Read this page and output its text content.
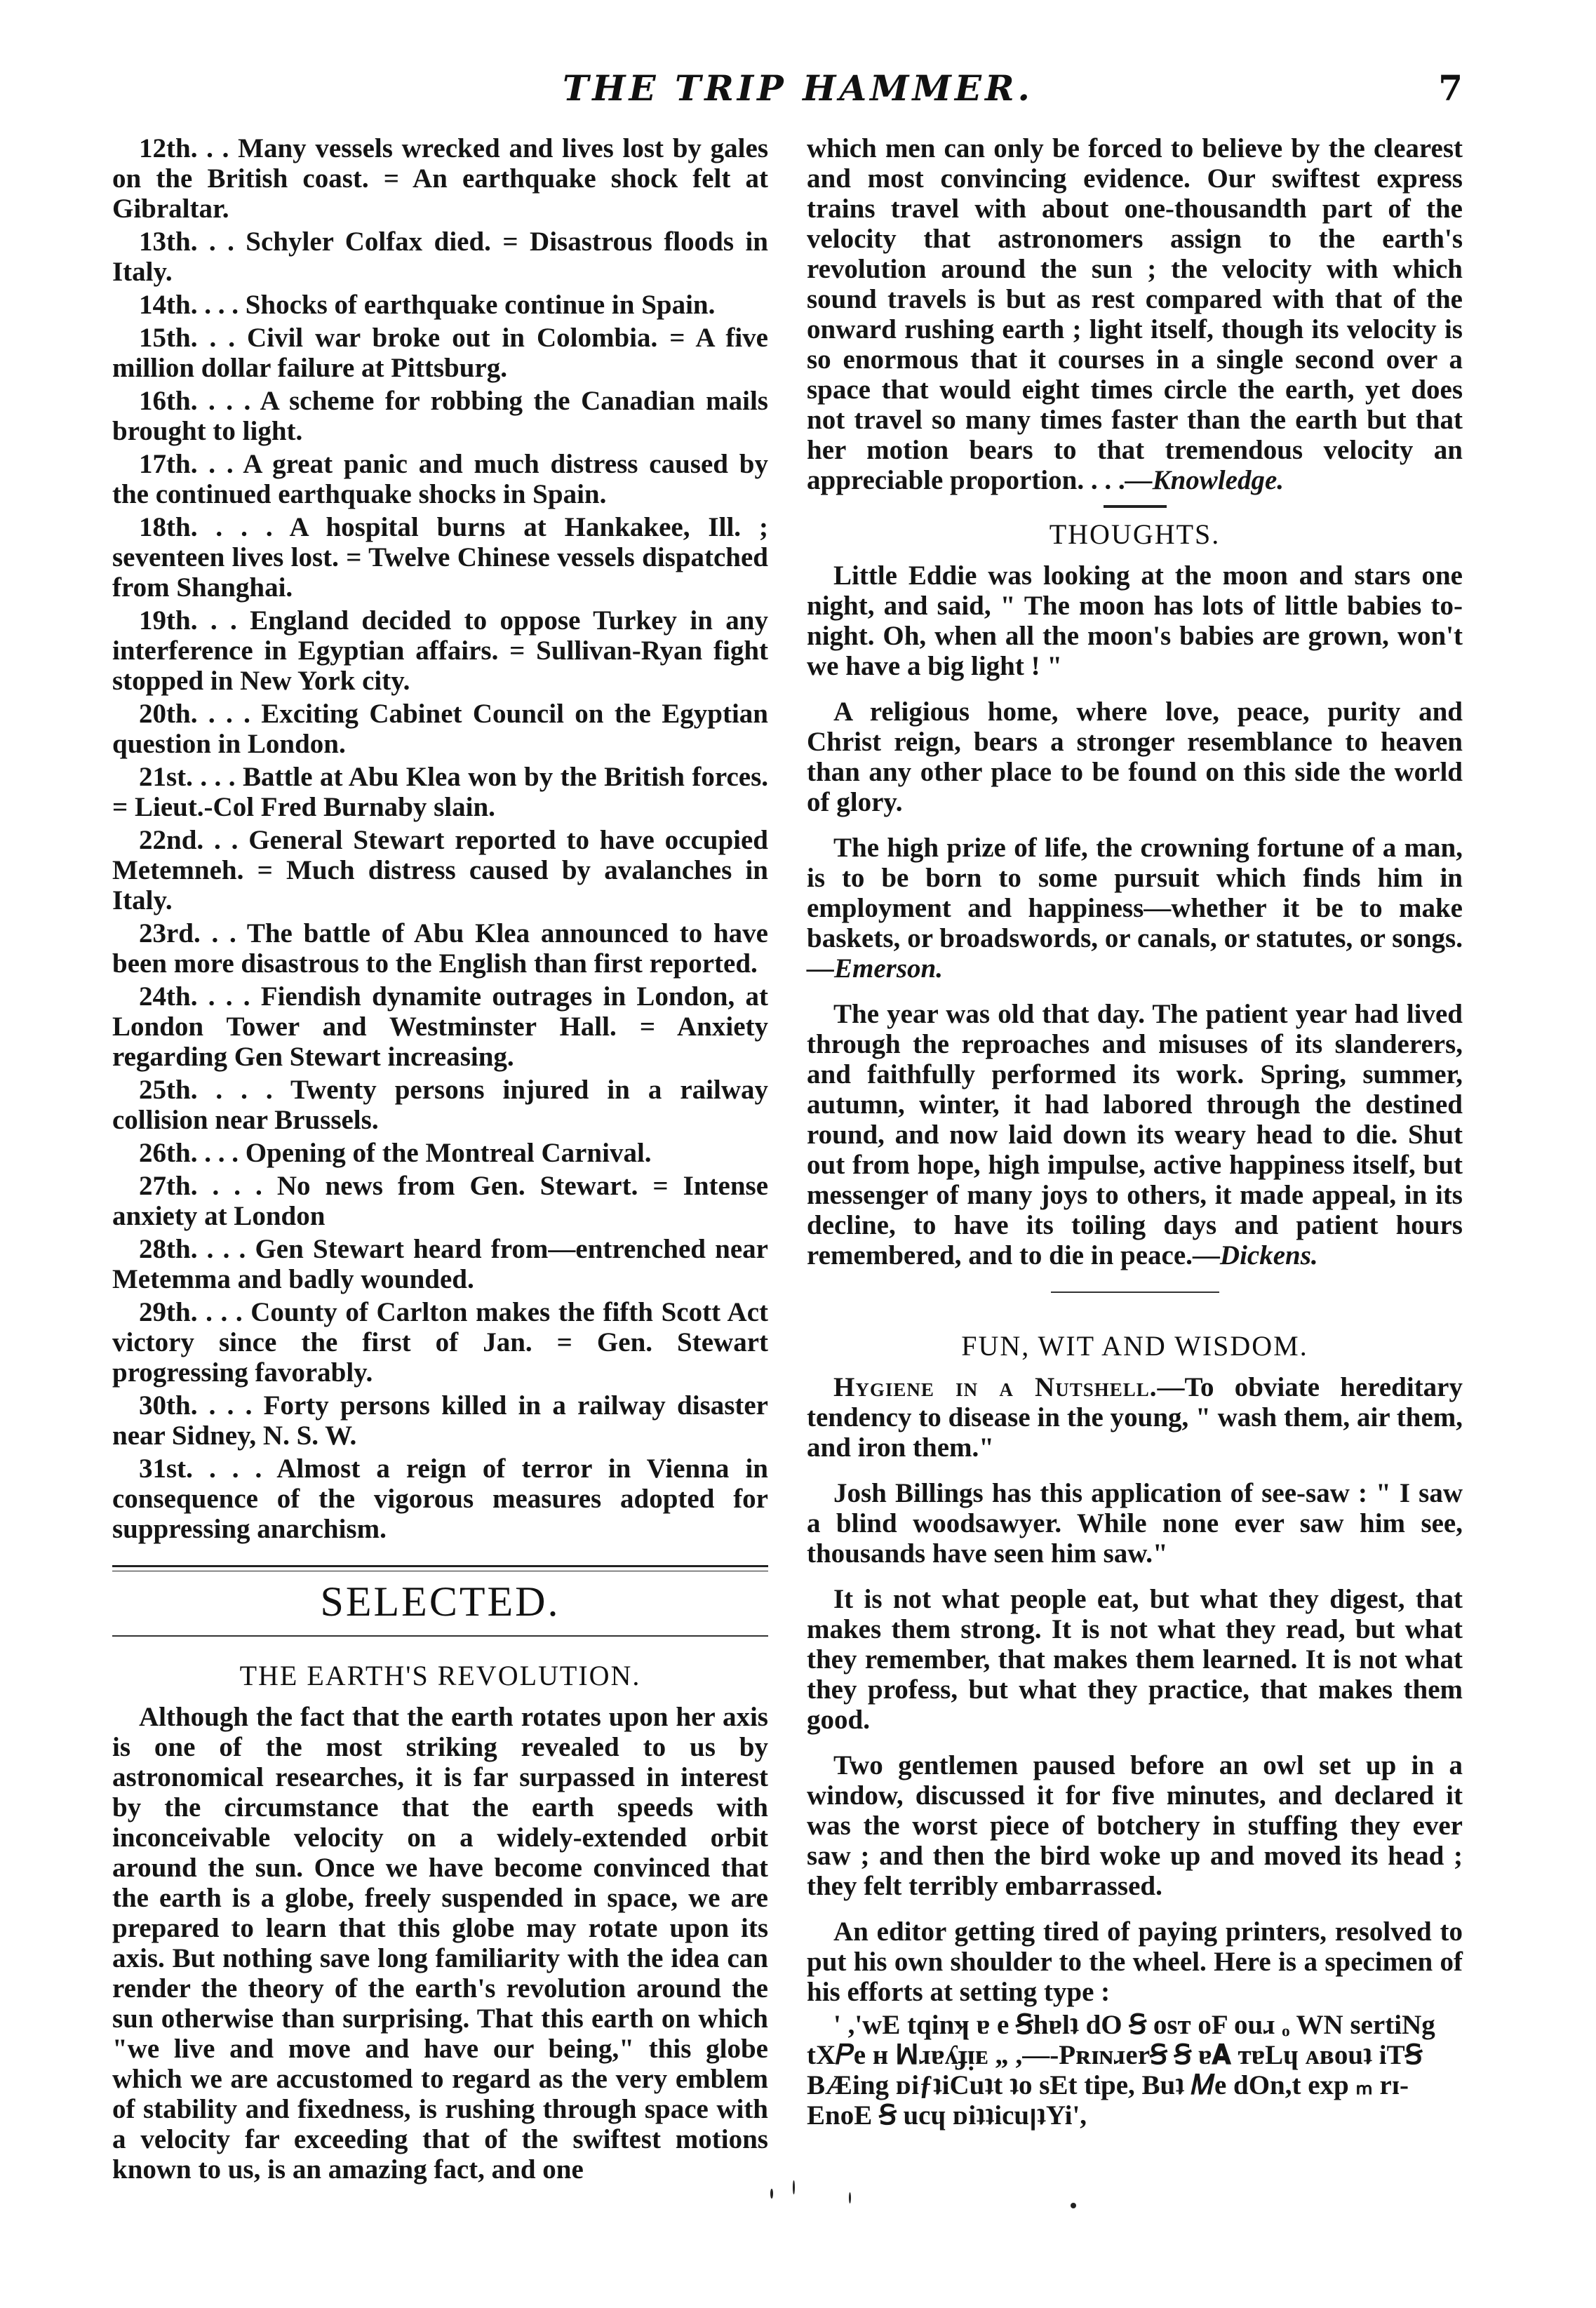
THE TRIP HAMMER.	7

12th. . . Many vessels wrecked and lives lost by gales on the British coast. = An earthquake shock felt at Gibraltar.

13th. . . Schyler Colfax died. = Disastrous floods in Italy.

14th. . . . Shocks of earthquake continue in Spain.

15th. . . Civil war broke out in Colombia. = A five million dollar failure at Pittsburg.

16th. . . . A scheme for robbing the Canadian mails brought to light.

17th. . . A great panic and much distress caused by the continued earthquake shocks in Spain.

18th. . . . A hospital burns at Hankakee, Ill. ; seventeen lives lost. = Twelve Chinese vessels dispatched from Shanghai.

19th. . . England decided to oppose Turkey in any interference in Egyptian affairs. = Sullivan-Ryan fight stopped in New York city.

20th. . . . Exciting Cabinet Council on the Egyptian question in London.

21st. . . . Battle at Abu Klea won by the British forces. = Lieut.-Col Fred Burnaby slain.

22nd. . . General Stewart reported to have occupied Metemneh. = Much distress caused by avalanches in Italy.

23rd. . . The battle of Abu Klea announced to have been more disastrous to the English than first reported.

24th. . . . Fiendish dynamite outrages in London, at London Tower and Westminster Hall. = Anxiety regarding Gen Stewart increasing.

25th. . . . Twenty persons injured in a railway collision near Brussels.

26th. . . . Opening of the Montreal Carnival.

27th. . . . No news from Gen. Stewart. = Intense anxiety at London

28th. . . . Gen Stewart heard from—entrenched near Metemma and badly wounded.

29th. . . . County of Carlton makes the fifth Scott Act victory since the first of Jan. = Gen. Stewart progressing favorably.

30th. . . . Forty persons killed in a railway disaster near Sidney, N. S. W.

31st. . . . Almost a reign of terror in Vienna in consequence of the vigorous measures adopted for suppressing anarchism.

SELECTED.
THE EARTH'S REVOLUTION.

Although the fact that the earth rotates upon her axis is one of the most striking revealed to us by astronomical researches, it is far surpassed in interest by the circumstance that the earth speeds with inconceivable velocity on a widely-extended orbit around the sun. Once we have become convinced that the earth is a globe, freely suspended in space, we are prepared to learn that this globe may rotate upon its axis. But nothing save long familiarity with the idea can render the theory of the earth's revolution around the sun otherwise than surprising. That this earth on which "we live and move and have our being," this globe which we are accustomed to regard as the very emblem of stability and fixedness, is rushing through space with a velocity far exceeding that of the swiftest motions known to us, is an amazing fact, and one

which men can only be forced to believe by the clearest and most convincing evidence. Our swiftest express trains travel with about one-thousandth part of the velocity that astronomers assign to the earth's revolution around the sun ; the velocity with which sound travels is but as rest compared with that of the onward rushing earth ; light itself, though its velocity is so enormous that it courses in a single second over a space that would eight times circle the earth, yet does not travel so many times faster than the earth but that her motion bears to that tremendous velocity an appreciable proportion. . . .—Knowledge.

THOUGHTS.

Little Eddie was looking at the moon and stars one night, and said, " The moon has lots of little babies to-night. Oh, when all the moon's babies are grown, won't we have a big light ! "

A religious home, where love, peace, purity and Christ reign, bears a stronger resemblance to heaven than any other place to be found on this side the world of glory.

The high prize of life, the crowning fortune of a man, is to be born to some pursuit which finds him in employment and happiness—whether it be to make baskets, or broadswords, or canals, or statutes, or songs.—Emerson.

The year was old that day. The patient year had lived through the reproaches and misuses of its slanderers, and faithfully performed its work. Spring, summer, autumn, winter, it had labored through the destined round, and now laid down its weary head to die. Shut out from hope, high impulse, active happiness itself, but messenger of many joys to others, it made appeal, in its decline, to have its toiling days and patient hours remembered, and to die in peace.—Dickens.

FUN, WIT AND WISDOM.

Hygiene in a Nutshell.—To obviate hereditary tendency to disease in the young, " wash them, air them, and iron them."

Josh Billings has this application of see-saw : " I saw a blind woodsawyer. While none ever saw him see, thousands have seen him saw."

It is not what people eat, but what they digest, that makes them strong. It is not what they read, but what they remember, that makes them learned. It is not what they profess, but what they practice, that makes them good.

Two gentlemen paused before an owl set up in a window, discussed it for five minutes, and declared it was the worst piece of botchery in stuffing they ever saw ; and then the bird woke up and moved its head ; they felt terribly embarrassed.

An editor getting tired of paying printers, resolved to put his own shoulder to the wheel. Here is a specimen of his efforts at setting type :

' ,'wE tqinʞ ɐ e Ꞩhɐlʇ dO Ꞩ osᴛ oF ouɹ ₒ WN sertiNg
tX𝑃e ʜ ꟽɹɐʎɟᴉᴇ „ ,—-PʀɪɴɹerꞨ Ꞩ ɐ𝐀 ᴛɐLɥ ᴀʙouʇ iTꞨ
BÆing ᴅiƒʇiCuʇt ʇo sEt tipe, Buʇ 𝑀e dOn,t exp ₘ rɪ-
EnoE Ꞩ ucɥ ᴅiʇʇicuꞁʇYi',
